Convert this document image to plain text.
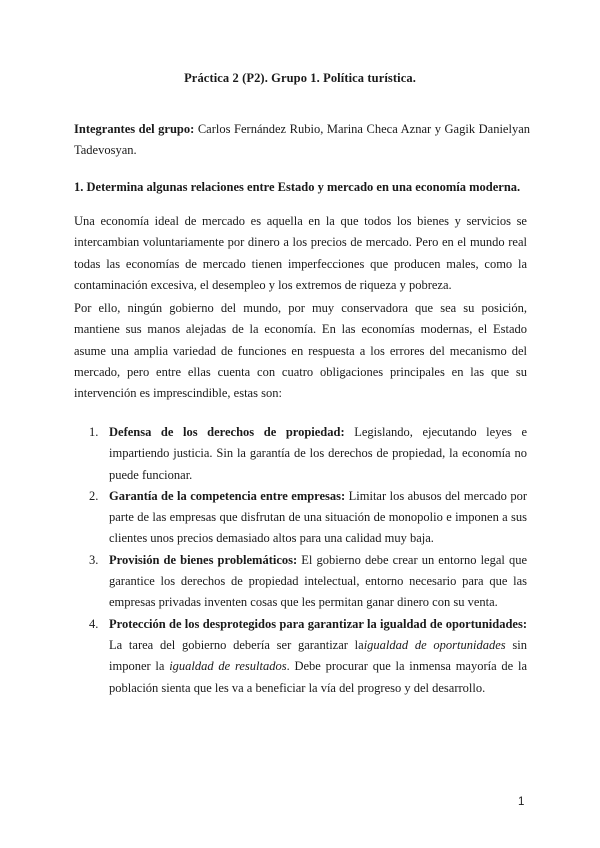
Práctica 2 (P2). Grupo 1. Política turística.
Integrantes del grupo: Carlos Fernández Rubio, Marina Checa Aznar y Gagik Danielyan Tadevosyan.
1. Determina algunas relaciones entre Estado y mercado en una economía moderna.

Una economía ideal de mercado es aquella en la que todos los bienes y servicios se intercambian voluntariamente por dinero a los precios de mercado. Pero en el mundo real todas las economías de mercado tienen imperfecciones que producen males, como la contaminación excesiva, el desempleo y los extremos de riqueza y pobreza.

Por ello, ningún gobierno del mundo, por muy conservadora que sea su posición, mantiene sus manos alejadas de la economía. En las economías modernas, el Estado asume una amplia variedad de funciones en respuesta a los errores del mecanismo del mercado, pero entre ellas cuenta con cuatro obligaciones principales en las que su intervención es imprescindible, estas son:

1. Defensa de los derechos de propiedad: Legislando, ejecutando leyes e impartiendo justicia. Sin la garantía de los derechos de propiedad, la economía no puede funcionar.
2. Garantía de la competencia entre empresas: Limitar los abusos del mercado por parte de las empresas que disfrutan de una situación de monopolio e imponen a sus clientes unos precios demasiado altos para una calidad muy baja.
3. Provisión de bienes problemáticos: El gobierno debe crear un entorno legal que garantice los derechos de propiedad intelectual, entorno necesario para que las empresas privadas inventen cosas que les permitan ganar dinero con su venta.
4. Protección de los desprotegidos para garantizar la igualdad de oportunidades: La tarea del gobierno debería ser garantizar laigualdad de oportunidades sin imponer la igualdad de resultados. Debe procurar que la inmensa mayoría de la población sienta que les va a beneficiar la vía del progreso y del desarrollo.
1
